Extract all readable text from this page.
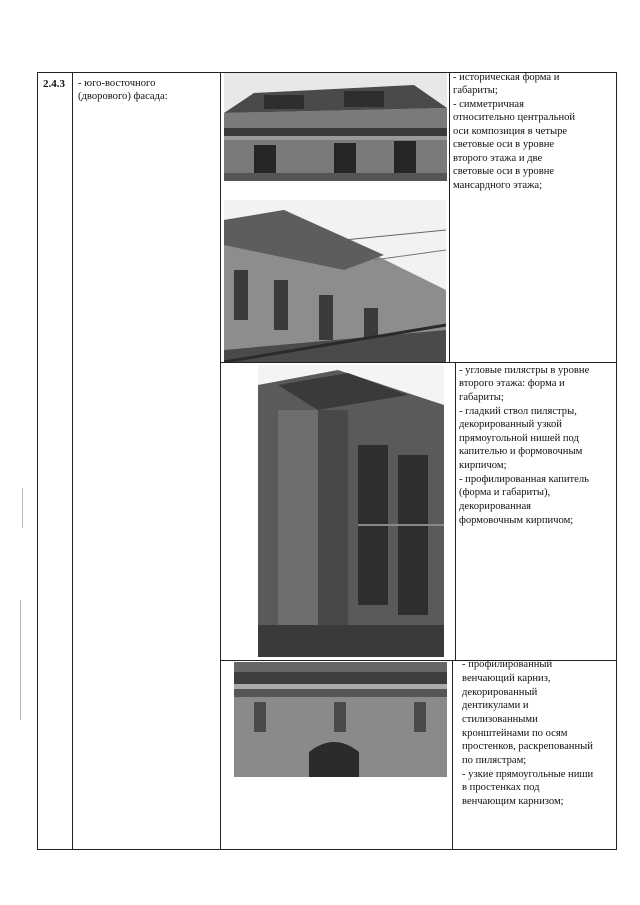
2.4.3 - юго-восточного
(дворового) фасада:
- историческая форма и
габариты;
- симметричная
относительно центральной
оси композиция в четыре
световые оси в уровне
второго этажа и две
световые оси в уровне
мансардного этажа;
- угловые пилястры в уровне
второго этажа: форма и
габариты;
- гладкий ствол пилястры,
декорированный узкой
прямоугольной нишей под
капителью и формовочным
кирпичом;
- профилированная капитель
(форма и габариты),
декорированная
формовочным кирпичом;
- профилированный
венчающий карниз,
декорированный
дентикулами и
стилизованными
кронштейнами по осям
простенков, раскрепованный
по пилястрам;
- узкие прямоугольные ниши
в простенках под
венчающим карнизом;
